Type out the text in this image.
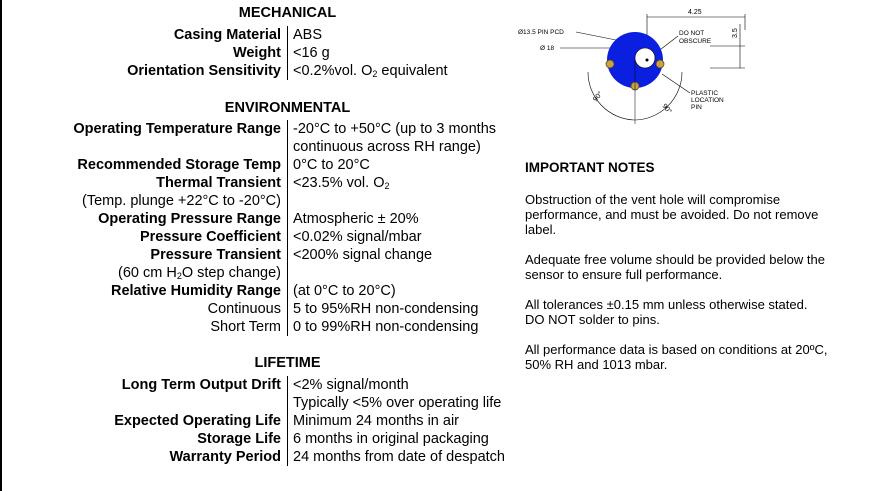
MECHANICAL
Casing Material ABS
Weight <16 g
Orientation Sensitivity <0.2%vol. $O_2$ equivalent
ENVIRONMENTAL
Operating Temperature Range -20°C to +50°C (up to 3 months
continuous across RH range)
Recommended Storage Temp 0°C to 20°C
Thermal Transient <23.5% vol. $O_2$
(Temp. plunge +22°C to -20°C)
Operating Pressure Range Atmospheric ± 20%
Pressure Coefficient <0.02% signal/mbar
Pressure Transient <200% signal change
(60 cm $H_2O$ step change)
Relative Humidity Range (at 0°C to 20°C)
Continuous 5 to 95%RH non-condensing
Short Term 0 to 99%RH non-condensing
LIFETIME
Long Term Output Drift <2% signal/month
Typically <5% over operating life
Expected Operating Life Minimum 24 months in air
Storage Life 6 months in original packaging
Warranty Period 24 months from date of despatch
4.25
3.5
Ø13.5 PIN PCD
Ø 18
DO NOT
OBSCURE
PLASTIC
LOCATION
PIN
90°
90°

IMPORTANT NOTES

Obstruction of the vent hole will compromise

performance, and must be avoided. Do not remove

label.

Adequate free volume should be provided below the

sensor to ensure full performance.

All tolerances ±0.15 mm unless otherwise stated.

DO NOT solder to pins.

All performance data is based on conditions at 20ºC,

50% RH and 1013 mbar.
